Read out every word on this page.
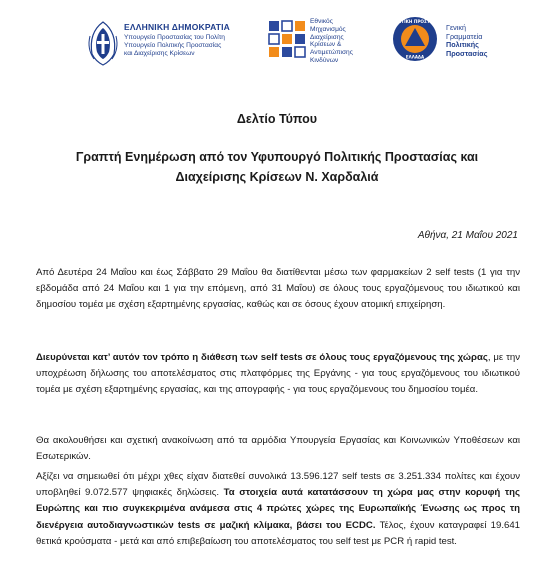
ΕΛΛΗΝΙΚΗ ΔΗΜΟΚΡΑΤΙΑ
Υπουργείο Προστασίας του Πολίτη
Υπουργείο Πολιτικής Προστασίας
και Διαχείρισης Κρίσεων
Εθνικός
Μηχανισμός
Διαχείρισης
Κρίσεων &
Αντιμετώπισης
Κινδύνων
ΠΟΛΙΤΙΚΗ ΠΡΟΣΤΑΣΙΑ
ΕΛΛΑΔΑ
Γενική
Γραμματεία
Πολιτικής
Προστασίας
Δελτίο Τύπου
Γραπτή Ενημέρωση από τον Υφυπουργό Πολιτικής Προστασίας και
Διαχείρισης Κρίσεων Ν. Χαρδαλιά
Αθήνα, 21 Μαΐου 2021
Από Δευτέρα 24 Μαΐου και έως Σάββατο 29 Μαΐου θα διατίθενται μέσω των φαρμακείων 2 self tests (1 για την εβδομάδα από 24 Μαΐου και 1 για την επόμενη, από 31 Μαΐου) σε όλους τους εργαζόμενους του ιδιωτικού και δημοσίου τομέα με σχέση εξαρτημένης εργασίας, καθώς και σε όσους έχουν ατομική επιχείρηση.
Διευρύνεται κατ’ αυτόν τον τρόπο η διάθεση των self tests σε όλους τους εργαζόμενους της χώρας, με την υποχρέωση δήλωσης του αποτελέσματος στις πλατφόρμες της Εργάνης - για τους εργαζόμενους του ιδιωτικού τομέα με σχέση εξαρτημένης εργασίας, και της απογραφής - για τους εργαζόμενους του δημοσίου τομέα.
Θα ακολουθήσει και σχετική ανακοίνωση από τα αρμόδια Υπουργεία Εργασίας και Κοινωνικών Υποθέσεων και Εσωτερικών.
Αξίζει να σημειωθεί ότι μέχρι χθες είχαν διατεθεί συνολικά 13.596.127 self tests σε 3.251.334 πολίτες και έχουν υποβληθεί 9.072.577 ψηφιακές δηλώσεις. Τα στοιχεία αυτά κατατάσσουν τη χώρα μας στην κορυφή της Ευρώπης και πιο συγκεκριμένα ανάμεσα στις 4 πρώτες χώρες της Ευρωπαϊκής Ένωσης ως προς τη διενέργεια αυτοδιαγνωστικών tests σε μαζική κλίμακα, βάσει του ECDC. Τέλος, έχουν καταγραφεί 19.641 θετικά κρούσματα - μετά και από επιβεβαίωση του αποτελέσματος του self test με PCR ή rapid test.
